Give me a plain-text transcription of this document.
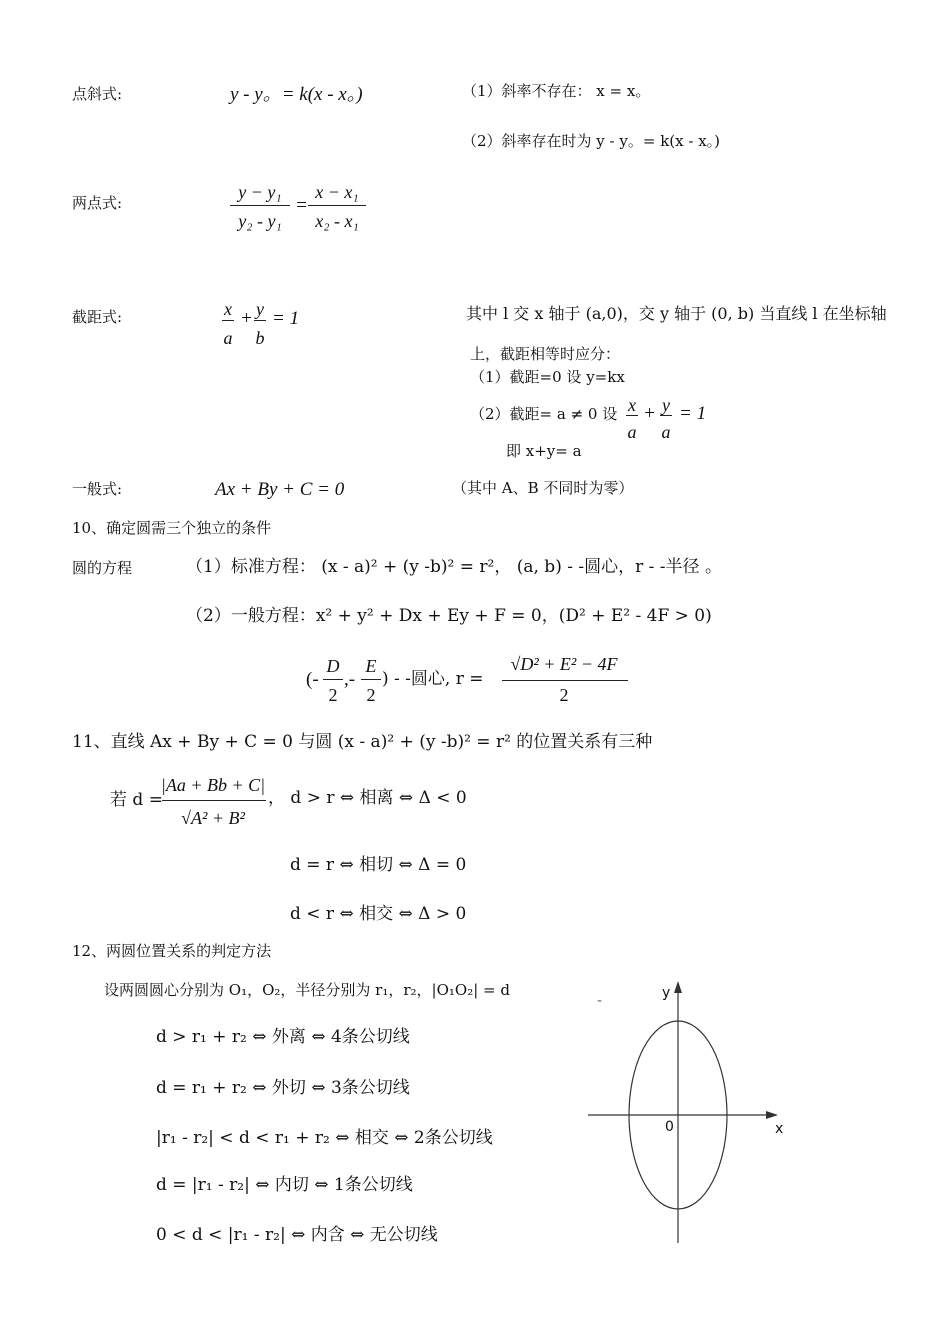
点斜式:	y - y。= k(x - x。)	（1）斜率不存在： x = x。
（2）斜率存在时为 y - y。= k(x - x。)
两点式:
y − y₁
y₂ - y₁
=
x − x₁
x₂ - x₁
截距式:	x
a
+ y
b
= 1	其中 l 交 x 轴于 (a,0)，交 y 轴于 (0, b) 当直线 l 在坐标轴
上，截距相等时应分：
（1）截距=0 设 y=kx
（2）截距= a ≠ 0 设 x
a
+ y
a
= 1
即 x+y= a
一般式:	Ax + By + C = 0	（其中 A、B 不同时为零）
10、确定圆需三个独立的条件
圆的方程	（1）标准方程： (x - a)² + (y -b)² = r²， (a, b) - -圆心，r - -半径 。
（2）一般方程：x² + y² + Dx + Ey + F = 0，(D² + E² - 4F > 0)
(-
D
2
,-
E
2
) - -圆心, r =
√D² + E² − 4F
2
11、直线 Ax + By + C = 0 与圆 (x - a)² + (y -b)² = r² 的位置关系有三种
若 d =
|Aa + Bb + C|
√A² + B²
， d > r ⇔ 相离 ⇔ Δ < 0
d = r ⇔ 相切 ⇔ Δ = 0
d < r ⇔ 相交 ⇔ Δ > 0
12、两圆位置关系的判定方法
设两圆圆心分别为 O₁，O₂，半径分别为 r₁，r₂，|O₁O₂| = d
d > r₁ + r₂ ⇔ 外离 ⇔ 4条公切线
d = r₁ + r₂ ⇔ 外切 ⇔ 3条公切线
|r₁ - r₂| < d < r₁ + r₂ ⇔ 相交 ⇔ 2条公切线
d = |r₁ - r₂| ⇔ 内切 ⇔ 1条公切线
0 < d < |r₁ - r₂| ⇔ 内含 ⇔ 无公切线
-	y
x
0
